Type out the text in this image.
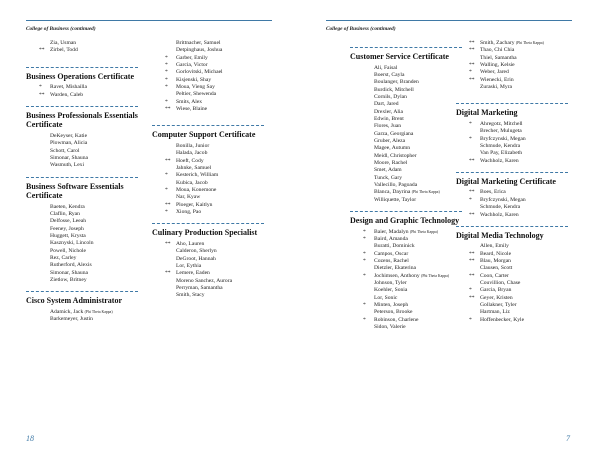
College of Business (continued)
Zia, Usman
** Zirbel, Todd
Business Operations Certificate
* Ravet, Mishailla
** Warden, Caleb
Business Professionals Essentials Certificate
DeKeyser, Katie
Plowman, Alicia
Schott, Carol
Simonar, Shauna
Wasmuth, Lexi
Business Software Essentials Certificate
Baeten, Kendra
Claflin, Ryan
Delfosse, Leeah
Feeney, Joseph
Huggett, Krysta
Kasznyski, Lincoln
Powell, Nichole
Rez, Carley
Rutherford, Alexis
Simonar, Shauna
Zietlow, Britney
Cisco System Administrator
Adamick, Jack (Phi Theta Kappa)
Barkemeyer, Justin
Brittnacher, Samuel
Detpinghaus, Joshua
* Garber, Emily
* Garcia, Victor
* Gorlovitski, Michael
* Kisjenski, Shay
* Moua, Vieng Say
Peltier, Shewenda
* Smits, Alex
** Wiese, Blaine
Computer Support Certificate
Bonilla, Junior
Halada, Jacob
** Hoeft, Cody
Jahnke, Samuel
* Kesterich, William
Kubica, Jacob
* Moua, Konemone
Nar, Kyaw
** Ploeger, Kaitlyn
* Xiong, Pao
Culinary Production Specialist
** Aho, Lauren
Calderon, Sherlyn
DeGroot, Hannah
Lor, Eythia
** Lemere, Eaden
Moreno Sanchez, Aurora
Perryman, Samantha
Smith, Stacy
18
College of Business (continued)
Customer Service Certificate
Ali, Faisal
Boerst, Cayla
Boulanger, Branden
Burdick, Mitchell
Cornils, Dylan
Dart, Jared
Drexler, Alia
Edwin, Brent
Flores, Juan
Garza, Georgiana
Gruber, Aleza
Magee, Autumn
Meidl, Christopher
Moore, Rachel
Smet, Adam
Tunck, Gary
Vallecillo, Pagoada
Blanca, Dayrina (Phi Theta Kappa)
Williquette, Taylor
Design and Graphic Technology
* Baier, Madalyn (Phi Theta Kappa)
* Baird, Amanda
Buratti, Dominick
* Campos, Oscar
* Cozens, Rachel
Dietzler, Ekaterina
* Jochimsen, Anthony (Phi Theta Kappa)
Johnson, Tyler
Koehler, Sonia
Lor, Sonic
* Minten, Joseph
Peterson, Brooke
* Robinson, Charlene
Sidon, Valerie
** Smith, Zachary (Phi Theta Kappa)
** Thao, Chi Chia
Thiel, Samantha
** Walling, Kelsie
* Weber, Jared
** Wienecki, Erin
Zuraski, Myra
Digital Marketing
* Ahregotz, Mitchell
Brecher, Mulugeta
* Bryfczynski, Megan
Schmude, Kendra
Van Pay, Elizabeth
** Wachholz, Karen
Digital Marketing Certificate
** Boes, Erica
* Bryfczynski, Megan
Schmude, Kendra
** Wachholz, Karen
Digital Media Technology
Allen, Emily
** Beard, Nicole
** Blau, Morgan
Clausen, Scott
** Coon, Carter
Couvillion, Chase
* Garcia, Bryan
** Geyer, Kristen
Gollakner, Tyler
Hartman, Liz
* Hoffenbecker, Kyle
7
